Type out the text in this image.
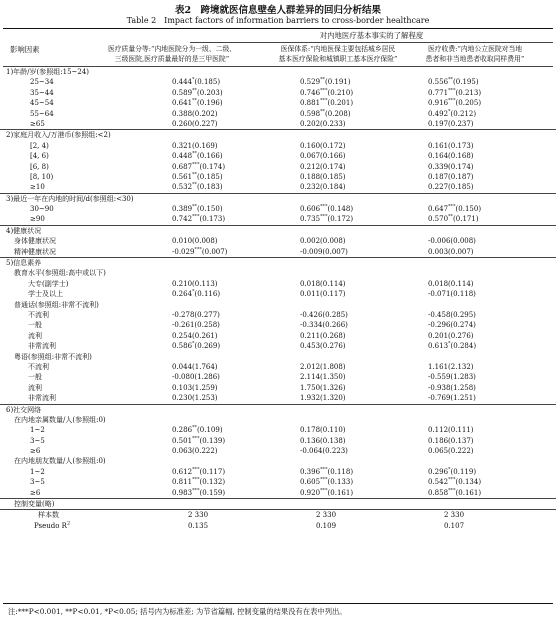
表2　跨境就医信息壁垒人群差异的回归分析结果
Table 2　Impact factors of information barriers to cross-border healthcare
对内地医疗基本事实的了解程度
影响因素	医疗质量分等:“内地医院分为一级、二级、
三级医院,医疗质量最好的是三甲医院”
医保体系:“内地医保主要包括城乡居民
基本医疗保险和城镇职工基本医疗保险”
医疗收费:“内地公立医院对当地
患者和非当地患者收取同样费用”
1)年龄/岁(参照组:15~24)
25~34	0.444*(0.185)	0.529**(0.191)	0.556**(0.195)
35~44	0.589**(0.203)	0.746***(0.210)	0.771***(0.213)
45~54	0.641**(0.196)	0.881***(0.201)	0.916***(0.205)
55~64	0.388(0.202)	0.598**(0.208)	0.492*(0.212)
≥65	0.260(0.227)	0.202(0.233)	0.197(0.237)
2)家庭月收入/万港币(参照组:<2)
[2, 4)	0.321(0.169)	0.160(0.172)	0.161(0.173)
[4, 6)	0.448**(0.166)	0.067(0.166)	0.164(0.168)
[6, 8)	0.687***(0.174)	0.212(0.174)	0.339(0.174)
[8, 10)	0.561**(0.185)	0.188(0.185)	0.187(0.187)
≥10	0.532**(0.183)	0.232(0.184)	0.227(0.185)
3)最近一年在内地的时间/d(参照组:<30)
30~90	0.389**(0.150)	0.606***(0.148)	0.647***(0.150)
≥90	0.742***(0.173)	0.735***(0.172)	0.570**(0.171)
4)健康状况
身体健康状况	0.010(0.008)	0.002(0.008)	-0.006(0.008)
精神健康状况	-0.029***(0.007)	-0.009(0.007)	0.003(0.007)
5)信息素养
教育水平(参照组:高中或以下)
大专(副学士)	0.210(0.113)	0.018(0.114)	0.018(0.114)
学士及以上	0.264*(0.116)	0.011(0.117)	-0.071(0.118)
普通话(参照组:非常不流利)
不流利	-0.278(0.277)	-0.426(0.285)	-0.458(0.295)
一般	-0.261(0.258)	-0.334(0.266)	-0.296(0.274)
流利	0.254(0.261)	0.211(0.268)	0.201(0.276)
非常流利	0.586*(0.269)	0.453(0.276)	0.613*(0.284)
粤语(参照组:非常不流利)
不流利	0.044(1.764)	2.012(1.808)	1.161(2.132)
一般	-0.080(1.286)	2.114(1.350)	-0.559(1.283)
流利	0.103(1.259)	1.750(1.326)	-0.938(1.258)
非常流利	0.230(1.253)	1.932(1.320)	-0.769(1.251)
6)社交网络
在内地亲属数量/人(参照组:0)
1~2	0.286**(0.109)	0.178(0.110)	0.112(0.111)
3~5	0.501***(0.139)	0.136(0.138)	0.186(0.137)
≥6	0.063(0.222)	-0.064(0.223)	0.065(0.222)
在内地朋友数量/人(参照组:0)
1~2	0.612***(0.117)	0.396***(0.118)	0.296*(0.119)
3~5	0.811***(0.132)	0.605***(0.133)	0.542***(0.134)
≥6	0.983***(0.159)	0.920***(0.161)	0.858***(0.161)
控制变量(略)
样本数	2 330	2 330	2 330
Pseudo $R^2$	0.135	0.109	0.107
注:***P<0.001, **P<0.01, *P<0.05; 括号内为标准差; 为节省篇幅, 控制变量的结果没有在表中列出。
